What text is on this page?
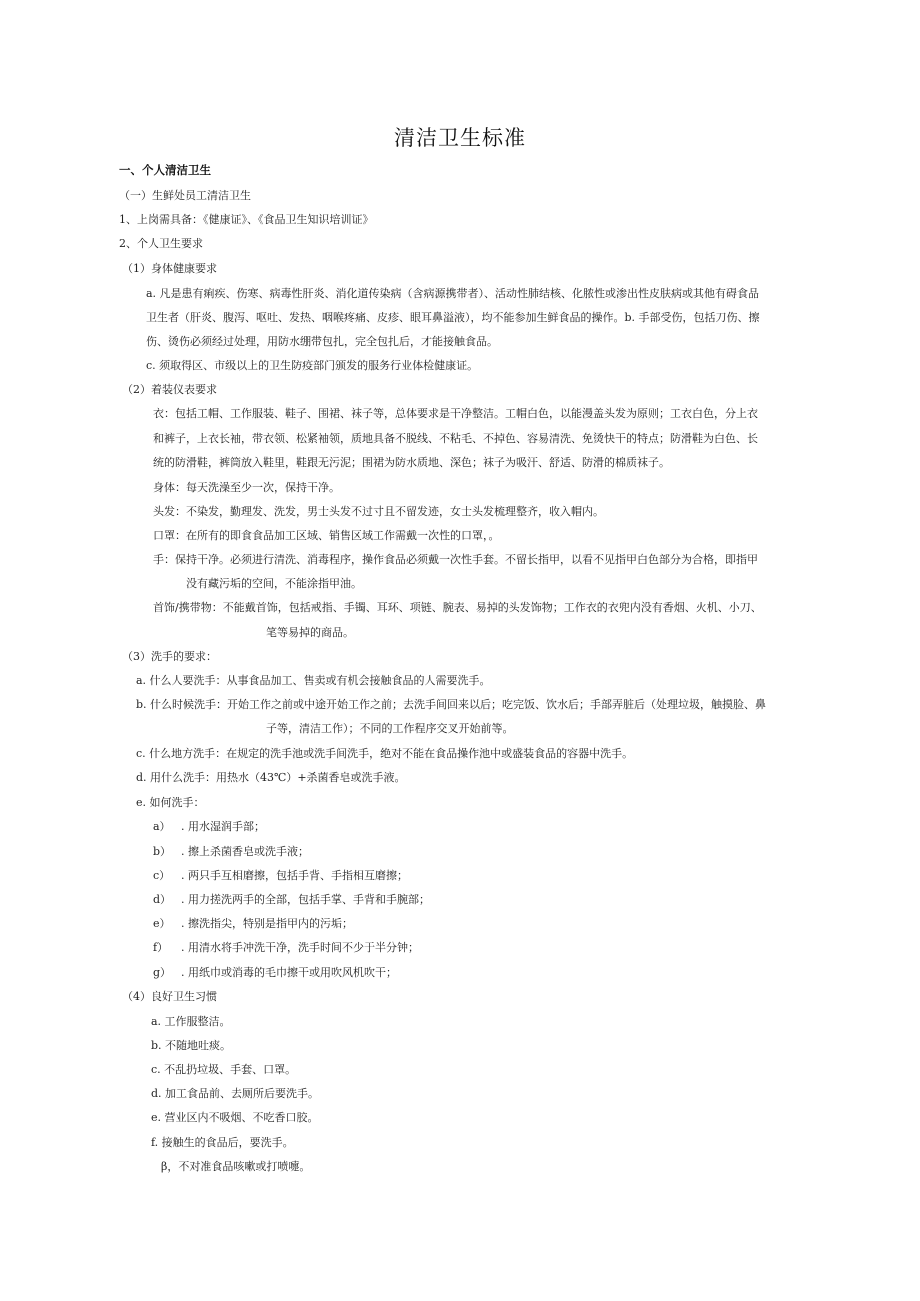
清洁卫生标准
一、个人清洁卫生
（一）生鲜处员工清洁卫生
1、上岗需具备：《健康证》、《食品卫生知识培训证》
2、个人卫生要求
（1）身体健康要求
a. 凡是患有痢疾、伤寒、病毒性肝炎、消化道传染病（含病源携带者）、活动性肺结核、化脓性或渗出性皮肤病或其他有碍食品
卫生者（肝炎、腹泻、呕吐、发热、咽喉疼痛、皮疹、眼耳鼻溢液），均不能参加生鲜食品的操作。b. 手部受伤，包括刀伤、擦
伤、烫伤必须经过处理，用防水绷带包扎，完全包扎后，才能接触食品。
c. 须取得区、市级以上的卫生防疫部门颁发的服务行业体检健康证。
（2）着装仪表要求
衣：包括工帽、工作服装、鞋子、围裙、袜子等，总体要求是干净整洁。工帽白色，以能漫盖头发为原则；工衣白色，分上衣
和裤子，上衣长袖，带衣领、松紧袖领，质地具备不脱线、不粘毛、不掉色、容易清洗、免烫快干的特点；防滑鞋为白色、长
统的防滑鞋，裤筒放入鞋里，鞋跟无污泥；围裙为防水质地、深色；袜子为吸汗、舒适、防滑的棉质袜子。
身体：每天洗澡至少一次，保持干净。
头发：不染发，勤理发、洗发，男士头发不过寸且不留发迹，女士头发梳理整齐，收入帽内。
口罩：在所有的即食食品加工区域、销售区域工作需戴一次性的口罩，。
手：保持干净。必须进行清洗、消毒程序，操作食品必须戴一次性手套。不留长指甲，以看不见指甲白色部分为合格，即指甲
没有藏污垢的空间，不能涂指甲油。
首饰/携带物：不能戴首饰，包括戒指、手镯、耳环、项链、腕表、易掉的头发饰物；工作衣的衣兜内没有香烟、火机、小刀、
笔等易掉的商品。
（3）洗手的要求：
a. 什么人要洗手：从事食品加工、售卖或有机会接触食品的人需要洗手。
b. 什么时候洗手：开始工作之前或中途开始工作之前；去洗手间回来以后；吃完饭、饮水后；手部弄脏后（处理垃圾，触摸脸、鼻
子等，清洁工作）；不同的工作程序交叉开始前等。
c. 什么地方洗手：在规定的洗手池或洗手间洗手，绝对不能在食品操作池中或盛装食品的容器中洗手。
d. 用什么洗手：用热水（43℃）+杀菌香皂或洗手液。
e. 如何洗手：
a） . 用水湿润手部；
b） . 擦上杀菌香皂或洗手液；
c） . 两只手互相磨擦，包括手背、手指相互磨擦；
d） . 用力搓洗两手的全部，包括手掌、手背和手腕部；
e） . 擦洗指尖，特别是指甲内的污垢；
f） . 用清水将手冲洗干净，洗手时间不少于半分钟；
g） . 用纸巾或消毒的毛巾擦干或用吹风机吹干；
（4）良好卫生习惯
a. 工作服整洁。
b. 不随地吐痰。
c. 不乱扔垃圾、手套、口罩。
d. 加工食品前、去厕所后要洗手。
e. 营业区内不吸烟、不吃香口胶。
f. 接触生的食品后，要洗手。
β，不对准食品咳嗽或打喷嚏。
